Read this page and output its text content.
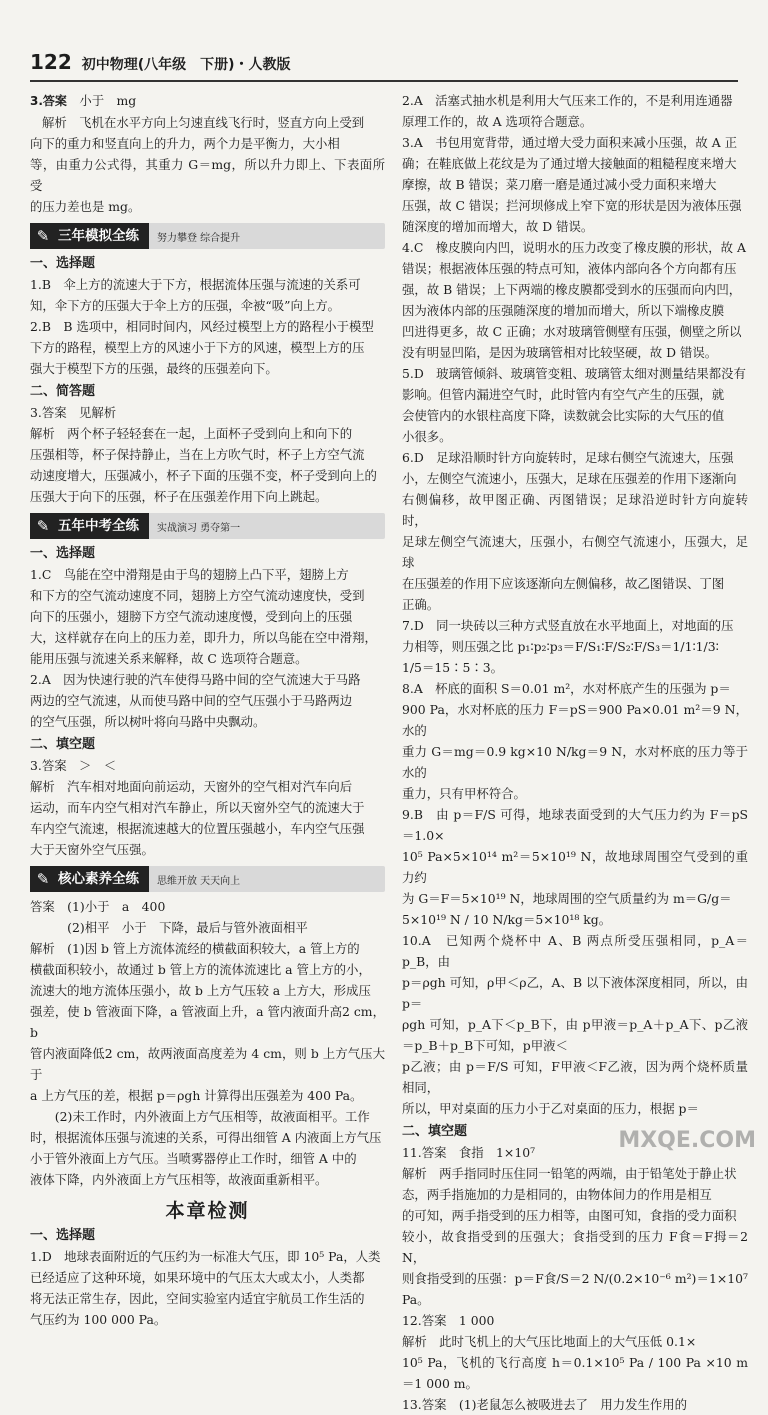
122 初中物理(八年级　下册)・人教版

3.答案　 小于　mg

解析　飞机在水平方向上匀速直线飞行时，竖直方向上受到

向下的重力和竖直向上的升力，两个力是平衡力，大小相

等，由重力公式得，其重力 G＝mg，所以升力即上、下表面所受

的压力差也是 mg。

✎ 三年模拟全练	努力攀登 综合提升

一、选择题

1.B　伞上方的流速大于下方，根据流体压强与流速的关系可

知，伞下方的压强大于伞上方的压强，伞被“吸”向上方。

2.B　B 选项中，相同时间内，风经过模型上方的路程小于模型

下方的路程，模型上方的风速小于下方的风速，模型上方的压

强大于模型下方的压强，最终的压强差向下。

二、简答题

3.答案　见解析

解析　两个杯子轻轻套在一起，上面杯子受到向上和向下的

压强相等，杯子保持静止，当在上方吹气时，杯子上方空气流

动速度增大，压强减小，杯子下面的压强不变，杯子受到向上的

压强大于向下的压强，杯子在压强差作用下向上跳起。

✎ 五年中考全练	实战演习 勇夺第一

一、选择题

1.C　鸟能在空中滑翔是由于鸟的翅膀上凸下平，翅膀上方

和下方的空气流动速度不同，翅膀上方空气流动速度快，受到

向下的压强小，翅膀下方空气流动速度慢，受到向上的压强

大，这样就存在向上的压力差，即升力，所以鸟能在空中滑翔，

能用压强与流速关系来解释，故 C 选项符合题意。

2.A　因为快速行驶的汽车使得马路中间的空气流速大于马路

两边的空气流速，从而使马路中间的空气压强小于马路两边

的空气压强，所以树叶将向马路中央飘动。

二、填空题

3.答案　＞　＜

解析　汽车相对地面向前运动，天窗外的空气相对汽车向后

运动，而车内空气相对汽车静止，所以天窗外空气的流速大于

车内空气流速，根据流速越大的位置压强越小，车内空气压强

大于天窗外空气压强。

✎ 核心素养全练	思维开放 天天向上

答案　(1)小于　a　400

　　　(2)相平　小于　下降，最后与管外液面相平

解析　(1)因 b 管上方流体流经的横截面积较大，a 管上方的

横截面积较小，故通过 b 管上方的流体流速比 a 管上方的小，

流速大的地方流体压强小，故 b 上方气压较 a 上方大，形成压

强差，使 b 管液面下降，a 管液面上升，a 管内液面升高2 cm，b

管内液面降低2 cm，故两液面高度差为 4 cm，则 b 上方气压大于

a 上方气压的差，根据 p＝ρgh 计算得出压强差为 400 Pa。

　　(2)未工作时，内外液面上方气压相等，故液面相平。工作

时，根据流体压强与流速的关系，可得出细管 A 内液面上方气压

小于管外液面上方气压。当喷雾器停止工作时，细管 A 中的

液体下降，内外液面上方气压相等，故液面重新相平。

本章检测

一、选择题

1.D　地球表面附近的气压约为一标准大气压，即 10⁵ Pa，人类

已经适应了这种环境，如果环境中的气压太大或太小，人类都

将无法正常生存，因此，空间实验室内适宜宇航员工作生活的

气压约为 100 000 Pa。

2.A　活塞式抽水机是利用大气压来工作的，不是利用连通器

原理工作的，故 A 选项符合题意。

3.A　书包用宽背带，通过增大受力面积来减小压强，故 A 正

确；在鞋底做上花纹是为了通过增大接触面的粗糙程度来增大

摩擦，故 B 错误；菜刀磨一磨是通过减小受力面积来增大

压强，故 C 错误；拦河坝修成上窄下宽的形状是因为液体压强

随深度的增加而增大，故 D 错误。

4.C　橡皮膜向内凹，说明水的压力改变了橡皮膜的形状，故 A

错误；根据液体压强的特点可知，液体内部向各个方向都有压

强，故 B 错误；上下两端的橡皮膜都受到水的压强而向内凹，

因为液体内部的压强随深度的增加而增大，所以下端橡皮膜

凹进得更多，故 C 正确；水对玻璃管侧壁有压强，侧壁之所以

没有明显凹陷，是因为玻璃管相对比较坚硬，故 D 错误。

5.D　玻璃管倾斜、玻璃管变粗、玻璃管太细对测量结果都没有

影响。但管内漏进空气时，此时管内有空气产生的压强，就

会使管内的水银柱高度下降，读数就会比实际的大气压的值

小很多。

6.D　足球沿顺时针方向旋转时，足球右侧空气流速大，压强

小，左侧空气流速小，压强大，足球在压强差的作用下逐渐向

右侧偏移，故甲图正确、丙图错误；足球沿逆时针方向旋转时，

足球左侧空气流速大，压强小，右侧空气流速小，压强大，足球

在压强差的作用下应该逐渐向左侧偏移，故乙图错误、丁图

正确。

7.D　同一块砖以三种方式竖直放在水平地面上，对地面的压

力相等，则压强之比 p₁∶p₂∶p₃＝F/S₁∶F/S₂∶F/S₃＝1/1∶1/3∶

1/5＝15∶5∶3。

8.A　杯底的面积 S＝0.01 m²，水对杯底产生的压强为 p＝

900 Pa，水对杯底的压力 F＝pS＝900 Pa×0.01 m²＝9 N，水的

重力 G＝mg＝0.9 kg×10 N/kg＝9 N，水对杯底的压力等于水的

重力，只有甲杯符合。

9.B　由 p＝F/S 可得，地球表面受到的大气压力约为 F＝pS＝1.0×

10⁵ Pa×5×10¹⁴ m²＝5×10¹⁹ N，故地球周围空气受到的重力约

为 G＝F＝5×10¹⁹ N，地球周围的空气质量约为 m＝G/g＝

5×10¹⁹ N / 10 N/kg＝5×10¹⁸ kg。

10.A　已知两个烧杯中 A、B 两点所受压强相同，p_A＝p_B，由

p＝ρgh 可知，ρ甲＜ρ乙，A、B 以下液体深度相同，所以，由 p＝

ρgh 可知，p_A下＜p_B下，由 p甲液＝p_A＋p_A下、p乙液＝p_B＋p_B下可知，p甲液＜

p乙液；由 p＝F/S 可知，F甲液＜F乙液，因为两个烧杯质量相同，

所以，甲对桌面的压力小于乙对桌面的压力，根据 p＝

二、填空题

11.答案　食指　1×10⁷

解析　两手指同时压住同一铅笔的两端，由于铅笔处于静止状

态，两手指施加的力是相同的，由物体间力的作用是相互

的可知，两手指受到的压力相等，由图可知，食指的受力面积

较小，故食指受到的压强大；食指受到的压力 F食＝F拇＝2 N，

则食指受到的压强：p＝F食/S＝2 N/(0.2×10⁻⁶ m²)＝1×10⁷ Pa。

12.答案　1 000

解析　此时飞机上的大气压比地面上的大气压低 0.1×

10⁵ Pa，飞机的飞行高度 h＝0.1×10⁵ Pa / 100 Pa ×10 m＝1 000 m。

13.答案　(1)老鼠怎么被吸进去了　用力发生作用的

MXQE.COM
